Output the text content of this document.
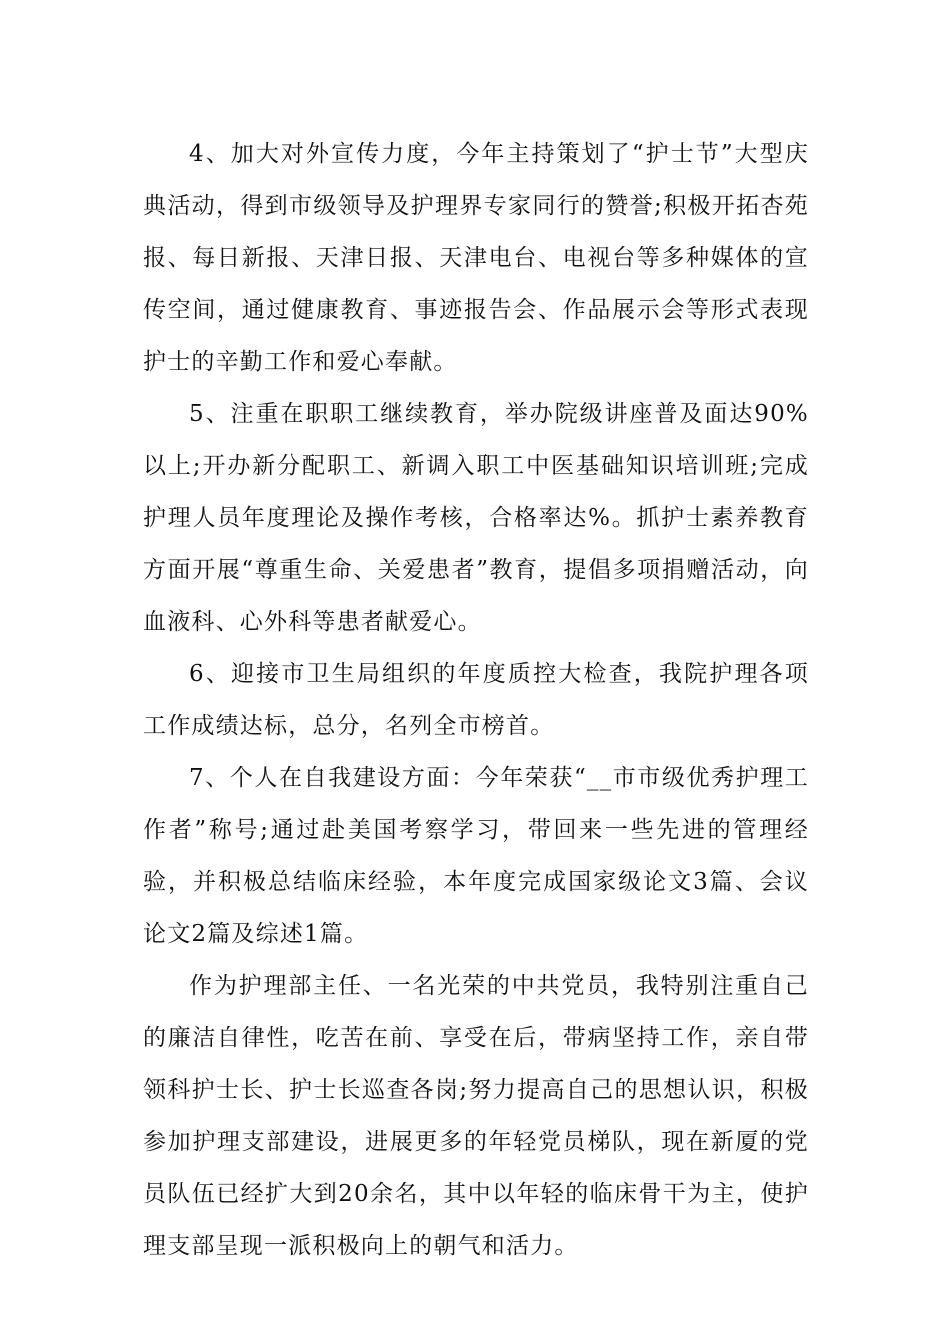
4、加大对外宣传力度，今年主持策划了“护士节”大型庆典活动，得到市级领导及护理界专家同行的赞誉;积极开拓杏苑报、每日新报、天津日报、天津电台、电视台等多种媒体的宣传空间，通过健康教育、事迹报告会、作品展示会等形式表现护士的辛勤工作和爱心奉献。

5、注重在职职工继续教育，举办院级讲座普及面达90%以上;开办新分配职工、新调入职工中医基础知识培训班;完成护理人员年度理论及操作考核，合格率达%。抓护士素养教育方面开展“尊重生命、关爱患者”教育，提倡多项捐赠活动，向血液科、心外科等患者献爱心。

6、迎接市卫生局组织的年度质控大检查，我院护理各项工作成绩达标，总分，名列全市榜首。

7、个人在自我建设方面：今年荣获“__市市级优秀护理工作者”称号;通过赴美国考察学习，带回来一些先进的管理经验，并积极总结临床经验，本年度完成国家级论文3篇、会议论文2篇及综述1篇。

作为护理部主任、一名光荣的中共党员，我特别注重自己的廉洁自律性，吃苦在前、享受在后，带病坚持工作，亲自带领科护士长、护士长巡查各岗;努力提高自己的思想认识，积极参加护理支部建设，进展更多的年轻党员梯队，现在新厦的党员队伍已经扩大到20余名，其中以年轻的临床骨干为主，使护理支部呈现一派积极向上的朝气和活力。
